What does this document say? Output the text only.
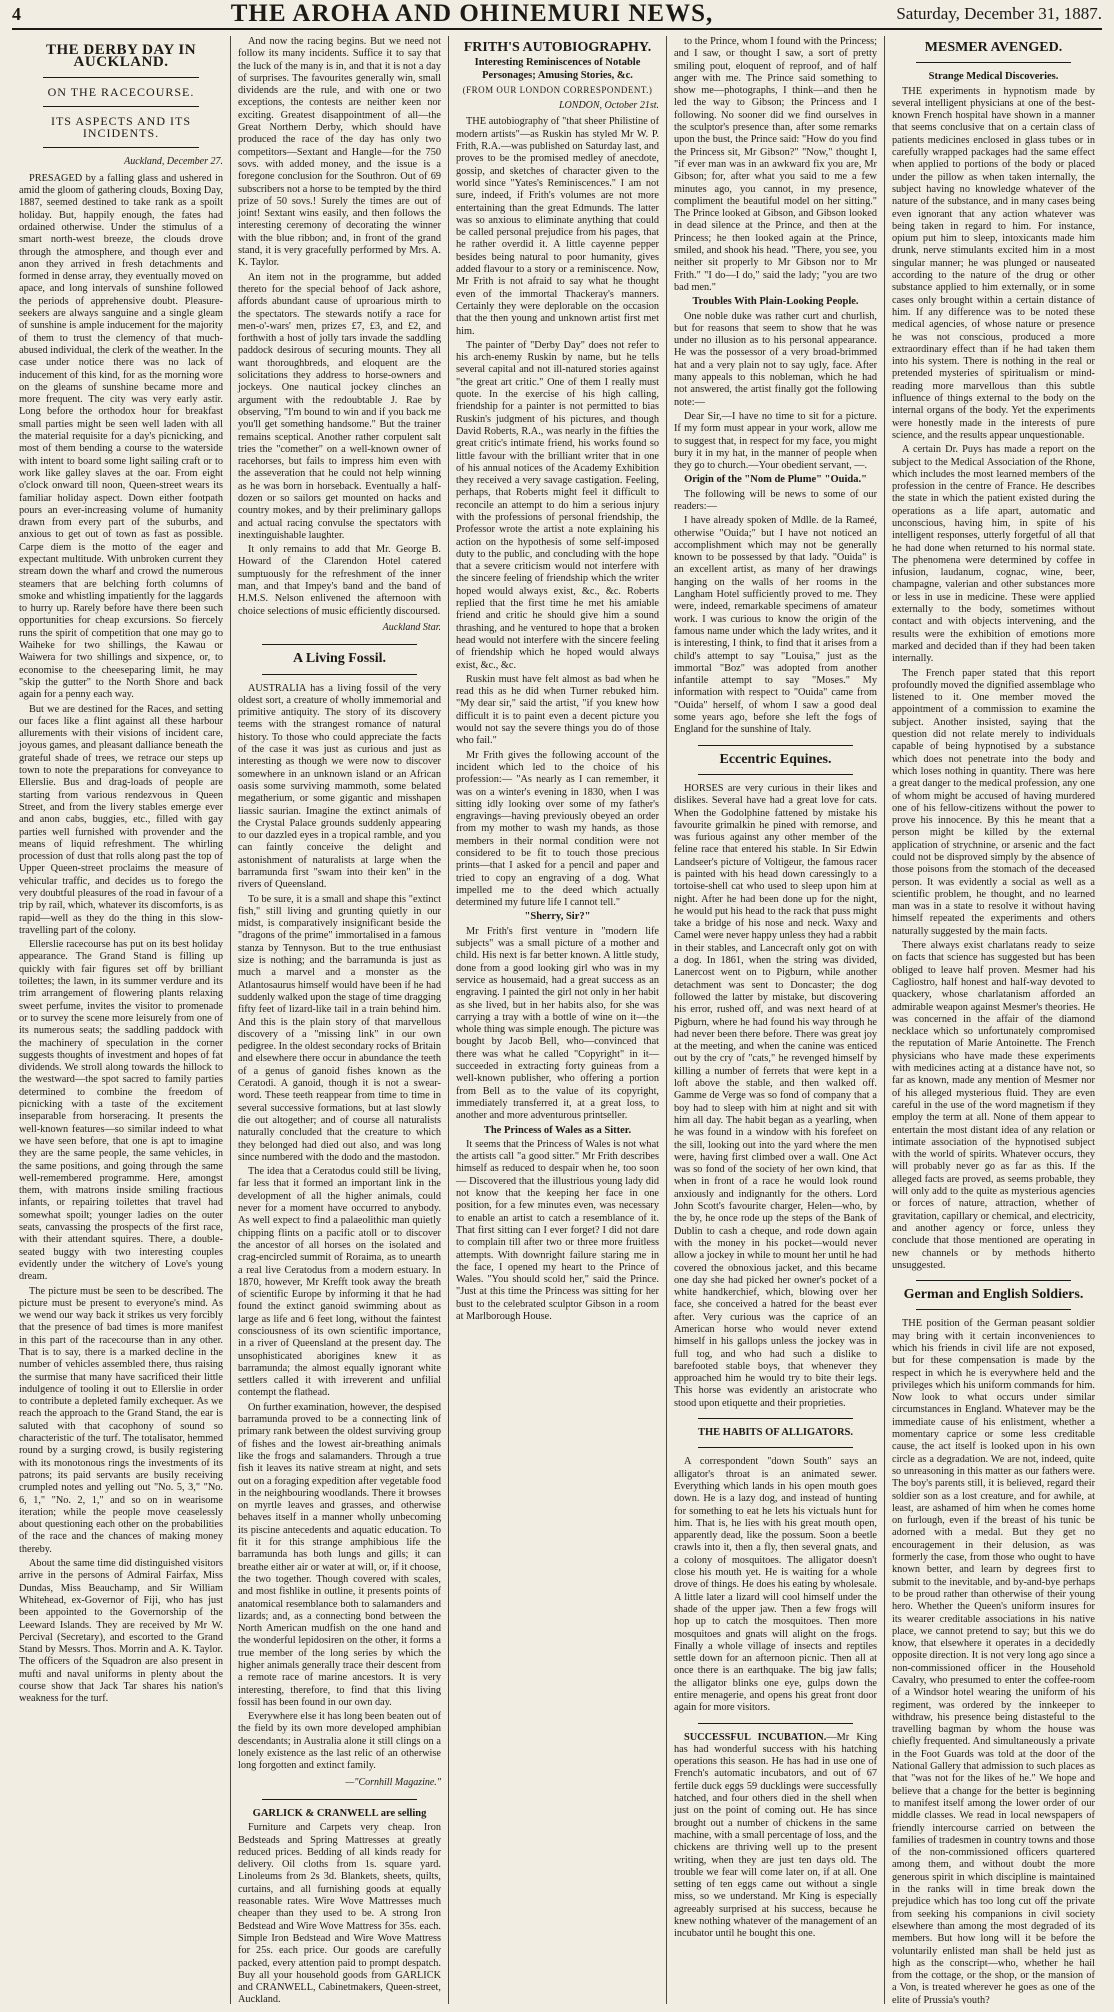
4	THE AROHA AND OHINEMURI NEWS,	Saturday, December 31, 1887.
THE DERBY DAY IN AUCKLAND.
ON THE RACECOURSE.
ITS ASPECTS AND ITS INCIDENTS.
Auckland, December 27.

PRESAGED by a falling glass and ushered in amid the gloom of gathering clouds, Boxing Day, 1887, seemed destined to take rank as a spoilt holiday. But, happily enough, the fates had ordained otherwise. Under the stimulus of a smart north-west breeze, the clouds drove through the atmosphere, and though ever and anon they arrived in fresh detachments and formed in dense array, they eventually moved on apace, and long intervals of sunshine followed the periods of apprehensive doubt. Pleasure-seekers are always sanguine and a single gleam of sunshine is ample inducement for the majority of them to trust the clemency of that much-abused individual, the clerk of the weather. In the case under notice there was no lack of inducement of this kind, for as the morning wore on the gleams of sunshine became more and more frequent. The city was very early astir. Long before the orthodox hour for breakfast small parties might be seen well laden with all the material requisite for a day's picnicking, and most of them bending a course to the waterside with intent to board some light sailing craft or to work like galley slaves at the oar. From eight o'clock onward till noon, Queen-street wears its familiar holiday aspect. Down either footpath pours an ever-increasing volume of humanity drawn from every part of the suburbs, and anxious to get out of town as fast as possible. Carpe diem is the motto of the eager and expectant multitude. With unbroken current they stream down the wharf and crowd the numerous steamers that are belching forth columns of smoke and whistling impatiently for the laggards to hurry up. Rarely before have there been such opportunities for cheap excursions. So fiercely runs the spirit of competition that one may go to Waiheke for two shillings, the Kawau or Waiwera for two shillings and sixpence, or, to economise to the cheeseparing limit, he may "skip the gutter" to the North Shore and back again for a penny each way.

But we are destined for the Races, and setting our faces like a flint against all these harbour allurements with their visions of incident care, joyous games, and pleasant dalliance beneath the grateful shade of trees, we retrace our steps up town to note the preparations for conveyance to Ellerslie. Bus and drag-loads of people are starting from various rendezvous in Queen Street, and from the livery stables emerge ever and anon cabs, buggies, etc., filled with gay parties well furnished with provender and the means of liquid refreshment. The whirling procession of dust that rolls along past the top of Upper Queen-street proclaims the measure of vehicular traffic, and decides us to forego the very doubtful pleasures of the road in favour of a trip by rail, which, whatever its discomforts, is as rapid—well as they do the thing in this slow-travelling part of the colony.

Ellerslie racecourse has put on its best holiday appearance. The Grand Stand is filling up quickly with fair figures set off by brilliant toilettes; the lawn, in its summer verdure and its trim arrangement of flowering plants relaxing sweet perfume, invites the visitor to promenade or to survey the scene more leisurely from one of its numerous seats; the saddling paddock with the machinery of speculation in the corner suggests thoughts of investment and hopes of fat dividends. We stroll along towards the hillock to the westward—the spot sacred to family parties determined to combine the freedom of picnicking with a taste of the excitement inseparable from horseracing. It presents the well-known features—so similar indeed to what we have seen before, that one is apt to imagine they are the same people, the same vehicles, in the same positions, and going through the same well-remembered programme. Here, amongst them, with matrons inside smiling fractious infants, or repairing toilettes that travel had somewhat spoilt; younger ladies on the outer seats, canvassing the prospects of the first race, with their attendant squires. There, a double-seated buggy with two interesting couples evidently under the witchery of Love's young dream.

The picture must be seen to be described. The picture must be present to everyone's mind. As we wend our way back it strikes us very forcibly that the presence of bad times is more manifest in this part of the racecourse than in any other. That is to say, there is a marked decline in the number of vehicles assembled there, thus raising the surmise that many have sacrificed their little indulgence of tooling it out to Ellerslie in order to contribute a depleted family exchequer. As we reach the approach to the Grand Stand, the ear is saluted with that cacophony of sound so characteristic of the turf. The totalisator, hemmed round by a surging crowd, is busily registering with its monotonous rings the investments of its patrons; its paid servants are busily receiving crumpled notes and yelling out "No. 5, 3," "No. 6, 1," "No. 2, 1," and so on in wearisome iteration; while the people move ceaselessly about questioning each other on the probabilities of the race and the chances of making money thereby.

About the same time did distinguished visitors arrive in the persons of Admiral Fairfax, Miss Dundas, Miss Beauchamp, and Sir William Whitehead, ex-Governor of Fiji, who has just been appointed to the Governorship of the Leeward Islands. They are received by Mr W. Percival (Secretary), and escorted to the Grand Stand by Messrs. Thos. Morrin and A. K. Taylor. The officers of the Squadron are also present in mufti and naval uniforms in plenty about the course show that Jack Tar shares his nation's weakness for the turf.

And now the racing begins. But we need not follow its many incidents. Suffice it to say that the luck of the many is in, and that it is not a day of surprises. The favourites generally win, small dividends are the rule, and with one or two exceptions, the contests are neither keen nor exciting. Greatest disappointment of all—the Great Northern Derby, which should have produced the race of the day has only two competitors—Sextant and Hangle—for the 750 sovs. with added money, and the issue is a foregone conclusion for the Southron. Out of 69 subscribers not a horse to be tempted by the third prize of 50 sovs.! Surely the times are out of joint! Sextant wins easily, and then follows the interesting ceremony of decorating the winner with the blue ribbon; and, in front of the grand stand, it is very gracefully performed by Mrs. A. K. Taylor.

An item not in the programme, but added thereto for the special behoof of Jack ashore, affords abundant cause of uproarious mirth to the spectators. The stewards notify a race for men-o'-wars' men, prizes £7, £3, and £2, and forthwith a host of jolly tars invade the saddling paddock desirous of securing mounts. They all want thoroughbreds, and eloquent are the solicitations they address to horse-owners and jockeys. One nautical jockey clinches an argument with the redoubtable J. Rae by observing, "I'm bound to win and if you back me you'll get something handsome." But the trainer remains sceptical. Another rather corpulent salt tries the "comether" on a well-known owner of racehorses, but fails to impress him even with the asseveration that he could not help winning as he was born in horseback. Eventually a half-dozen or so sailors get mounted on hacks and country mokes, and by their preliminary gallops and actual racing convulse the spectators with inextinguishable laughter.

It only remains to add that Mr. George B. Howard of the Clarendon Hotel catered sumptuously for the refreshment of the inner man, and that Impey's band and the band of H.M.S. Nelson enlivened the afternoon with choice selections of music efficiently discoursed.

Auckland Star.
A Living Fossil.

AUSTRALIA has a living fossil of the very oldest sort, a creature of wholly immemorial and primitive antiquity. The story of its discovery teems with the strangest romance of natural history. To those who could appreciate the facts of the case it was just as curious and just as interesting as though we were now to discover somewhere in an unknown island or an African oasis some surviving mammoth, some belated megatherium, or some gigantic and misshapen liassic saurian. Imagine the extinct animals of the Crystal Palace grounds suddenly appearing to our dazzled eyes in a tropical ramble, and you can faintly conceive the delight and astonishment of naturalists at large when the barramunda first "swam into their ken" in the rivers of Queensland.

To be sure, it is a small and shape this "extinct fish," still living and grunting quietly in our midst, is comparatively insignificant beside the "dragons of the prime" immortalised in a famous stanza by Tennyson. But to the true enthusiast size is nothing; and the barramunda is just as much a marvel and a monster as the Atlantosaurus himself would have been if he had suddenly walked upon the stage of time dragging fifty feet of lizard-like tail in a train behind him. And this is the plain story of that marvellous discovery of a "missing link" in our own pedigree. In the oldest secondary rocks of Britain and elsewhere there occur in abundance the teeth of a genus of ganoid fishes known as the Ceratodi. A ganoid, though it is not a swear-word. These teeth reappear from time to time in several successive formations, but at last slowly die out altogether; and of course all naturalists naturally concluded that the creature to which they belonged had died out also, and was long since numbered with the dodo and the mastodon.

The idea that a Ceratodus could still be living, far less that it formed an important link in the development of all the higher animals, could never for a moment have occurred to anybody. As well expect to find a palaeolithic man quietly chipping flints on a pacific atoll or to discover the ancestor of all horses on the isolated and crag-encircled summit of Roraima, as to unearth a real live Ceratodus from a modern estuary. In 1870, however, Mr Krefft took away the breath of scientific Europe by informing it that he had found the extinct ganoid swimming about as large as life and 6 feet long, without the faintest consciousness of its own scientific importance, in a river of Queensland at the present day. The unsophisticated aborigines knew it as barramunda; the almost equally ignorant white settlers called it with irreverent and unfilial contempt the flathead.

On further examination, however, the despised barramunda proved to be a connecting link of primary rank between the oldest surviving group of fishes and the lowest air-breathing animals like the frogs and salamanders. Through a true fish it leaves its native stream at night, and sets out on a foraging expedition after vegetable food in the neighbouring woodlands. There it browses on myrtle leaves and grasses, and otherwise behaves itself in a manner wholly unbecoming its piscine antecedents and aquatic education. To fit it for this strange amphibious life the barramunda has both lungs and gills; it can breathe either air or water at will, or, if it choose, the two together. Though covered with scales, and most fishlike in outline, it presents points of anatomical resemblance both to salamanders and lizards; and, as a connecting bond between the North American mudfish on the one hand and the wonderful lepidosiren on the other, it forms a true member of the long series by which the higher animals generally trace their descent from a remote race of marine ancestors. It is very interesting, therefore, to find that this living fossil has been found in our own day.

Everywhere else it has long been beaten out of the field by its own more developed amphibian descendants; in Australia alone it still clings on a lonely existence as the last relic of an otherwise long forgotten and extinct family.

—"Cornhill Magazine."
GARLICK & CRANWELL are selling

Furniture and Carpets very cheap. Iron Bedsteads and Spring Mattresses at greatly reduced prices. Bedding of all kinds ready for delivery. Oil cloths from 1s. square yard. Linoleums from 2s 3d. Blankets, sheets, quilts, curtains, and all furnishing goods at equally reasonable rates. Wire Wove Mattresses much cheaper than they used to be. A strong Iron Bedstead and Wire Wove Mattress for 35s. each. Simple Iron Bedstead and Wire Wove Mattress for 25s. each price. Our goods are carefully packed, every attention paid to prompt despatch. Buy all your household goods from GARLICK and CRANWELL, Cabinetmakers, Queen-street, Auckland.

FRITH'S AUTOBIOGRAPHY.
Interesting Reminiscences of Notable Personages; Amusing Stories, &c.
(FROM OUR LONDON CORRESPONDENT.)
LONDON, October 21st.

THE autobiography of "that sheer Philistine of modern artists"—as Ruskin has styled Mr W. P. Frith, R.A.—was published on Saturday last, and proves to be the promised medley of anecdote, gossip, and sketches of character given to the world since "Yates's Reminiscences." I am not sure, indeed, if Frith's volumes are not more entertaining than the great Edmunds. The latter was so anxious to eliminate anything that could be called personal prejudice from his pages, that he rather overdid it. A little cayenne pepper besides being natural to poor humanity, gives added flavour to a story or a reminiscence. Now, Mr Frith is not afraid to say what he thought even of the immortal Thackeray's manners. Certainly they were deplorable on the occasion that the then young and unknown artist first met him.

The painter of "Derby Day" does not refer to his arch-enemy Ruskin by name, but he tells several capital and not ill-natured stories against "the great art critic." One of them I really must quote. In the exercise of his high calling, friendship for a painter is not permitted to bias Ruskin's judgment of his pictures, and though David Roberts, R.A., was nearly in the fifties the great critic's intimate friend, his works found so little favour with the brilliant writer that in one of his annual notices of the Academy Exhibition they received a very savage castigation. Feeling, perhaps, that Roberts might feel it difficult to reconcile an attempt to do him a serious injury with the professions of personal friendship, the Professor wrote the artist a note explaining his action on the hypothesis of some self-imposed duty to the public, and concluding with the hope that a severe criticism would not interfere with the sincere feeling of friendship which the writer hoped would always exist, &c., &c. Roberts replied that the first time he met his amiable friend and critic he should give him a sound thrashing, and he ventured to hope that a broken head would not interfere with the sincere feeling of friendship which he hoped would always exist, &c., &c.

Ruskin must have felt almost as bad when he read this as he did when Turner rebuked him. "My dear sir," said the artist, "if you knew how difficult it is to paint even a decent picture you would not say the severe things you do of those who fail."

Mr Frith gives the following account of the incident which led to the choice of his profession:— "As nearly as I can remember, it was on a winter's evening in 1830, when I was sitting idly looking over some of my father's engravings—having previously obeyed an order from my mother to wash my hands, as those members in their normal condition were not considered to be fit to touch those precious prints—that I asked for a pencil and paper and tried to copy an engraving of a dog. What impelled me to the deed which actually determined my future life I cannot tell."

"Sherry, Sir?"

Mr Frith's first venture in "modern life subjects" was a small picture of a mother and child. His next is far better known. A little study, done from a good looking girl who was in my service as housemaid, had a great success as an engraving. I painted the girl not only in her habit as she lived, but in her habits also, for she was carrying a tray with a bottle of wine on it—the whole thing was simple enough. The picture was bought by Jacob Bell, who—convinced that there was what he called "Copyright" in it—succeeded in extracting forty guineas from a well-known publisher, who offering a portion from Bell as to the value of its copyright, immediately transferred it, at a great loss, to another and more adventurous printseller.

The Princess of Wales as a Sitter.

It seems that the Princess of Wales is not what the artists call "a good sitter." Mr Frith describes himself as reduced to despair when he, too soon— Discovered that the illustrious young lady did not know that the keeping her face in one position, for a few minutes even, was necessary to enable an artist to catch a resemblance of it. That first sitting can I ever forget? I did not dare to complain till after two or three more fruitless attempts. With downright failure staring me in the face, I opened my heart to the Prince of Wales. "You should scold her," said the Prince. "Just at this time the Princess was sitting for her bust to the celebrated sculptor Gibson in a room at Marlborough House.

to the Prince, whom I found with the Princess; and I saw, or thought I saw, a sort of pretty smiling pout, eloquent of reproof, and of half anger with me. The Prince said something to show me—photographs, I think—and then he led the way to Gibson; the Princess and I following. No sooner did we find ourselves in the sculptor's presence than, after some remarks upon the bust, the Prince said: "How do you find the Princess sit, Mr Gibson?" "Now," thought I, "if ever man was in an awkward fix you are, Mr Gibson; for, after what you said to me a few minutes ago, you cannot, in my presence, compliment the beautiful model on her sitting." The Prince looked at Gibson, and Gibson looked in dead silence at the Prince, and then at the Princess; he then looked again at the Prince, smiled, and shook his head. "There, you see, you neither sit properly to Mr Gibson nor to Mr Frith." "I do—I do," said the lady; "you are two bad men."

Troubles With Plain-Looking People.

One noble duke was rather curt and churlish, but for reasons that seem to show that he was under no illusion as to his personal appearance. He was the possessor of a very broad-brimmed hat and a very plain not to say ugly, face. After many appeals to this nobleman, which he had not answered, the artist finally got the following note:—

Dear Sir,—I have no time to sit for a picture. If my form must appear in your work, allow me to suggest that, in respect for my face, you might bury it in my hat, in the manner of people when they go to church.—Your obedient servant, —.

Origin of the "Nom de Plume" "Ouida."

The following will be news to some of our readers:—

I have already spoken of Mdlle. de la Rameé, otherwise "Ouida;" but I have not noticed an accomplishment which may not be generally known to be possessed by that lady. "Ouida" is an excellent artist, as many of her drawings hanging on the walls of her rooms in the Langham Hotel sufficiently proved to me. They were, indeed, remarkable specimens of amateur work. I was curious to know the origin of the famous name under which the lady writes, and it is interesting, I think, to find that it arises from a child's attempt to say "Louisa," just as the immortal "Boz" was adopted from another infantile attempt to say "Moses." My information with respect to "Ouida" came from "Ouida" herself, of whom I saw a good deal some years ago, before she left the fogs of England for the sunshine of Italy.

Eccentric Equines.

HORSES are very curious in their likes and dislikes. Several have had a great love for cats. When the Godolphine fattened by mistake his favourite grimalkin he pined with remorse, and was furious against any other member of the feline race that entered his stable. In Sir Edwin Landseer's picture of Voltigeur, the famous racer is painted with his head down caressingly to a tortoise-shell cat who used to sleep upon him at night. After he had been done up for the night, he would put his head to the rack that puss might take a bridge of his nose and neck. Waxy and Camel were never happy unless they had a rabbit in their stables, and Lancecraft only got on with a dog. In 1861, when the string was divided, Lanercost went on to Pigburn, while another detachment was sent to Doncaster; the dog followed the latter by mistake, but discovering his error, rushed off, and was next heard of at Pigburn, where he had found his way through he had never been there before. There was great joy at the meeting, and when the canine was enticed out by the cry of "cats," he revenged himself by killing a number of ferrets that were kept in a loft above the stable, and then walked off. Gamme de Verge was so fond of company that a boy had to sleep with him at night and sit with him all day. The habit began as a yearling, when he was found in a window with his forefeet on the sill, looking out into the yard where the men were, having first climbed over a wall. One Act was so fond of the society of her own kind, that when in front of a race he would look round anxiously and indignantly for the others. Lord John Scott's favourite charger, Helen—who, by the by, he once rode up the steps of the Bank of Dublin to cash a cheque, and rode down again with the money in his pocket—would never allow a jockey in while to mount her until he had covered the obnoxious jacket, and this became one day she had picked her owner's pocket of a white handkerchief, which, blowing over her face, she conceived a hatred for the beast ever after. Very curious was the caprice of an American horse who would never extend himself in his gallops unless the jockey was in full tog, and who had such a dislike to barefooted stable boys, that whenever they approached him he would try to bite their legs. This horse was evidently an aristocrate who stood upon etiquette and their proprieties.

THE HABITS OF ALLIGATORS.

A correspondent "down South" says an alligator's throat is an animated sewer. Everything which lands in his open mouth goes down. He is a lazy dog, and instead of hunting for something to eat he lets his victuals hunt for him. That is, he lies with his great mouth open, apparently dead, like the possum. Soon a beetle crawls into it, then a fly, then several gnats, and a colony of mosquitoes. The alligator doesn't close his mouth yet. He is waiting for a whole drove of things. He does his eating by wholesale. A little later a lizard will cool himself under the shade of the upper jaw. Then a few frogs will hop up to catch the mosquitoes. Then more mosquitoes and gnats will alight on the frogs. Finally a whole village of insects and reptiles settle down for an afternoon picnic. Then all at once there is an earthquake. The big jaw falls; the alligator blinks one eye, gulps down the entire menagerie, and opens his great front door again for more visitors.

SUCCESSFUL INCUBATION.—Mr King has had wonderful success with his hatching operations this season. He has had in use one of French's automatic incubators, and out of 67 fertile duck eggs 59 ducklings were successfully hatched, and four others died in the shell when just on the point of coming out. He has since brought out a number of chickens in the same machine, with a small percentage of loss, and the chickens are thriving well up to the present writing, when they are just ten days old. The trouble we fear will come later on, if at all. One setting of ten eggs came out without a single miss, so we understand. Mr King is especially agreeably surprised at his success, because he knew nothing whatever of the management of an incubator until he bought this one.

MESMER AVENGED.
Strange Medical Discoveries.

THE experiments in hypnotism made by several intelligent physicians at one of the best-known French hospital have shown in a manner that seems conclusive that on a certain class of patients medicines enclosed in glass tubes or in carefully wrapped packages had the same effect when applied to portions of the body or placed under the pillow as when taken internally, the subject having no knowledge whatever of the nature of the substance, and in many cases being even ignorant that any action whatever was being taken in regard to him. For instance, opium put him to sleep, intoxicants made him drunk, nerve stimulants excited him in a most singular manner; he was plunged or nauseated according to the nature of the drug or other substance applied to him externally, or in some cases only brought within a certain distance of him. If any difference was to be noted these medical agencies, of whose nature or presence he was not conscious, produced a more extraordinary effect than if he had taken them into his system. There is nothing in the real or pretended mysteries of spiritualism or mind-reading more marvellous than this subtle influence of things external to the body on the internal organs of the body. Yet the experiments were honestly made in the interests of pure science, and the results appear unquestionable.

A certain Dr. Puys has made a report on the subject to the Medical Association of the Rhone, which includes the most learned members of the profession in the centre of France. He describes the state in which the patient existed during the operations as a life apart, automatic and unconscious, having him, in spite of his intelligent responses, utterly forgetful of all that he had done when returned to his normal state. The phenomena were determined by coffee in infusion, laudanum, cognac, wine, beer, champagne, valerian and other substances more or less in use in medicine. These were applied externally to the body, sometimes without contact and with objects intervening, and the results were the exhibition of emotions more marked and decided than if they had been taken internally.

The French paper stated that this report profoundly moved the dignified assemblage who listened to it. One member moved the appointment of a commission to examine the subject. Another insisted, saying that the question did not relate merely to individuals capable of being hypnotised by a substance which does not penetrate into the body and which loses nothing in quantity. There was here a great danger to the medical profession, any one of whom might be accused of having murdered one of his fellow-citizens without the power to prove his innocence. By this he meant that a person might be killed by the external application of strychnine, or arsenic and the fact could not be disproved simply by the absence of those poisons from the stomach of the deceased person. It was evidently a social as well as a scientific problem, he thought, and no learned man was in a state to resolve it without having himself repeated the experiments and others naturally suggested by the main facts.

There always exist charlatans ready to seize on facts that science has suggested but has been obliged to leave half proven. Mesmer had his Cagliostro, half honest and half-way devoted to quackery, whose charlatanism afforded an admirable weapon against Mesmer's theories. He was concerned in the affair of the diamond necklace which so unfortunately compromised the reputation of Marie Antoinette. The French physicians who have made these experiments with medicines acting at a distance have not, so far as known, made any mention of Mesmer nor of his alleged mysterious fluid. They are even careful in the use of the word magnetism if they employ the term at all. None of them appear to entertain the most distant idea of any relation or intimate association of the hypnotised subject with the world of spirits. Whatever occurs, they will probably never go as far as this. If the alleged facts are proved, as seems probable, they will only add to the quite as mysterious agencies or forces of nature, attraction, whether of gravitation, capillary or chemical, and electricity, and another agency or force, unless they conclude that those mentioned are operating in new channels or by methods hitherto unsuggested.

German and English Soldiers.

THE position of the German peasant soldier may bring with it certain inconveniences to which his friends in civil life are not exposed, but for these compensation is made by the respect in which he is everywhere held and the privileges which his uniform commands for him. Now look to what occurs under similar circumstances in England. Whatever may be the immediate cause of his enlistment, whether a momentary caprice or some less creditable cause, the act itself is looked upon in his own circle as a degradation. We are not, indeed, quite so unreasoning in this matter as our fathers were. The boy's parents still, it is believed, regard their soldier son as a lost creature, and for awhile, at least, are ashamed of him when he comes home on furlough, even if the breast of his tunic be adorned with a medal. But they get no encouragement in their delusion, as was formerly the case, from those who ought to have known better, and learn by degrees first to submit to the inevitable, and by-and-bye perhaps to be proud rather than otherwise of their young hero. Whether the Queen's uniform insures for its wearer creditable associations in his native place, we cannot pretend to say; but this we do know, that elsewhere it operates in a decidedly opposite direction. It is not very long ago since a non-commissioned officer in the Household Cavalry, who presumed to enter the coffee-room of a Windsor hotel wearing the uniform of his regiment, was ordered by the innkeeper to withdraw, his presence being distasteful to the travelling bagman by whom the house was chiefly frequented. And simultaneously a private in the Foot Guards was told at the door of the National Gallery that admission to such places as that "was not for the likes of he." We hope and believe that a change for the better is beginning to manifest itself among the lower order of our middle classes. We read in local newspapers of friendly intercourse carried on between the families of tradesmen in country towns and those of the non-commissioned officers quartered among them, and without doubt the more generous spirit in which discipline is maintained in the ranks will in time break down the prejudice which has too long cut off the private from seeking his companions in civil society elsewhere than among the most degraded of its members. But how long will it be before the voluntarily enlisted man shall be held just as high as the conscript—who, whether he hail from the cottage, or the shop, or the mansion of a Von, is treated wherever he goes as one of the elite of Prussia's youth?
